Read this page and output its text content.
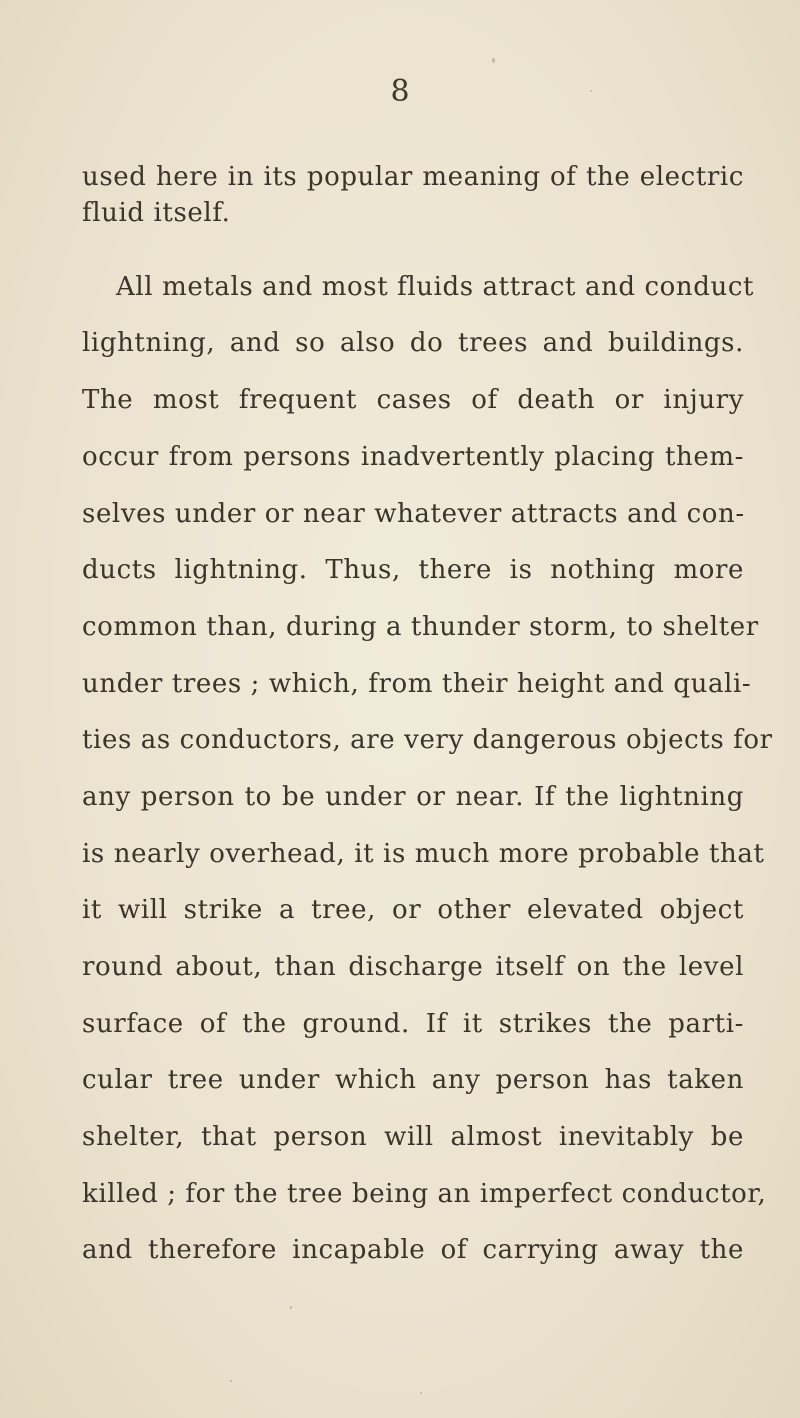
8
used here in its popular meaning of the electric
fluid itself.
All metals and most fluids attract and conduct
lightning, and so also do trees and buildings.
The most frequent cases of death or injury
occur from persons inadvertently placing them-
selves under or near whatever attracts and con-
ducts lightning. Thus, there is nothing more
common than, during a thunder storm, to shelter
under trees ; which, from their height and quali-
ties as conductors, are very dangerous objects for
any person to be under or near. If the lightning
is nearly overhead, it is much more probable that
it will strike a tree, or other elevated object
round about, than discharge itself on the level
surface of the ground. If it strikes the parti-
cular tree under which any person has taken
shelter, that person will almost inevitably be
killed ; for the tree being an imperfect conductor,
and therefore incapable of carrying away the
